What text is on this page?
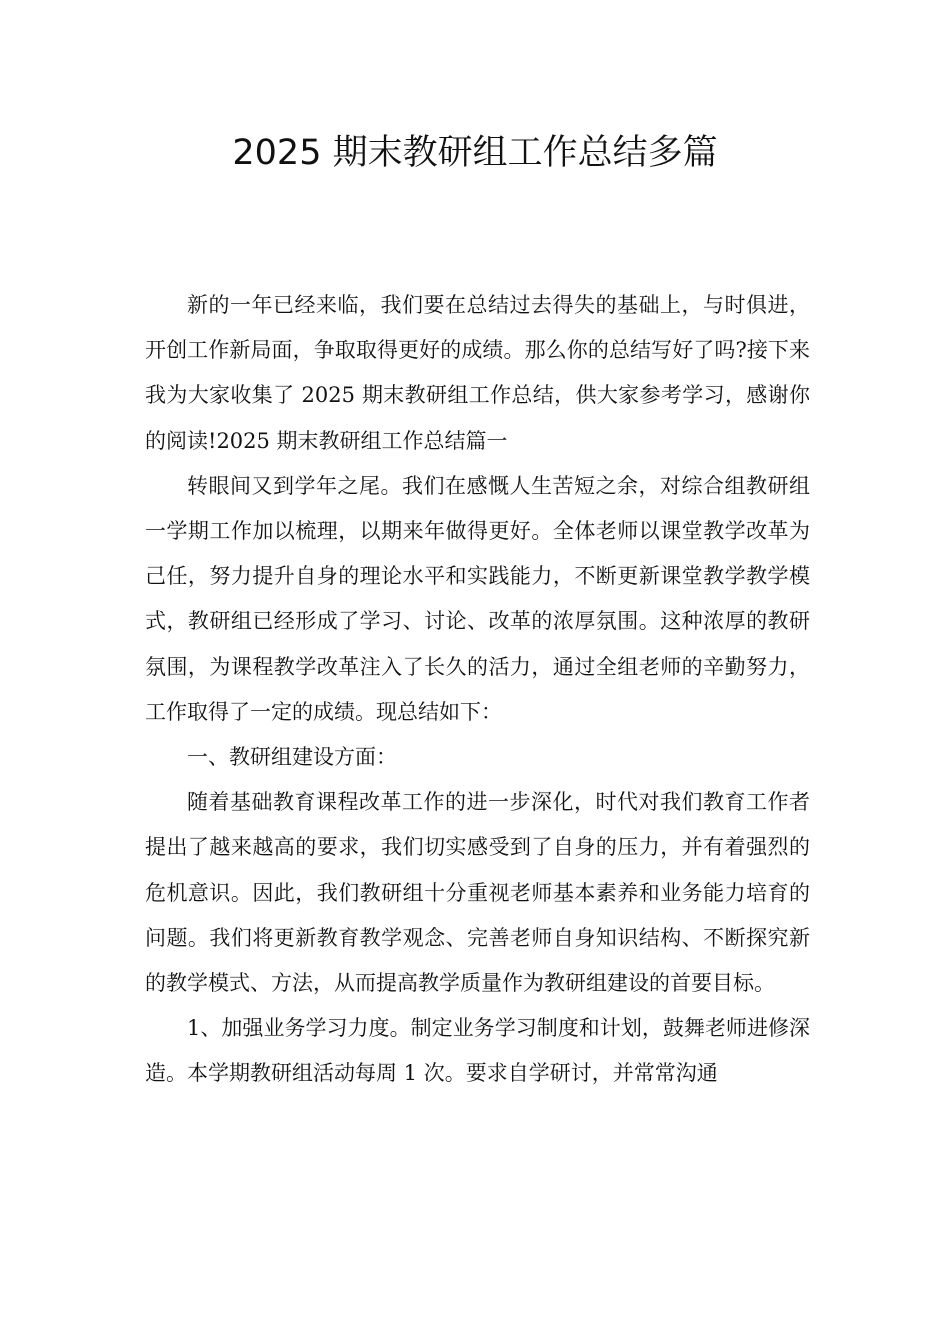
2025 期末教研组工作总结多篇

新的一年已经来临，我们要在总结过去得失的基础上，与时俱进，开创工作新局面，争取取得更好的成绩。那么你的总结写好了吗?接下来我为大家收集了 2025 期末教研组工作总结，供大家参考学习，感谢你的阅读!2025 期末教研组工作总结篇一

转眼间又到学年之尾。我们在感慨人生苦短之余，对综合组教研组一学期工作加以梳理，以期来年做得更好。全体老师以课堂教学改革为己任，努力提升自身的理论水平和实践能力，不断更新课堂教学教学模式，教研组已经形成了学习、讨论、改革的浓厚氛围。这种浓厚的教研氛围，为课程教学改革注入了长久的活力，通过全组老师的辛勤努力，工作取得了一定的成绩。现总结如下：

一、教研组建设方面：

随着基础教育课程改革工作的进一步深化，时代对我们教育工作者提出了越来越高的要求，我们切实感受到了自身的压力，并有着强烈的危机意识。因此，我们教研组十分重视老师基本素养和业务能力培育的问题。我们将更新教育教学观念、完善老师自身知识结构、不断探究新的教学模式、方法，从而提高教学质量作为教研组建设的首要目标。

1、加强业务学习力度。制定业务学习制度和计划，鼓舞老师进修深造。本学期教研组活动每周 1 次。要求自学研讨，并常常沟通
